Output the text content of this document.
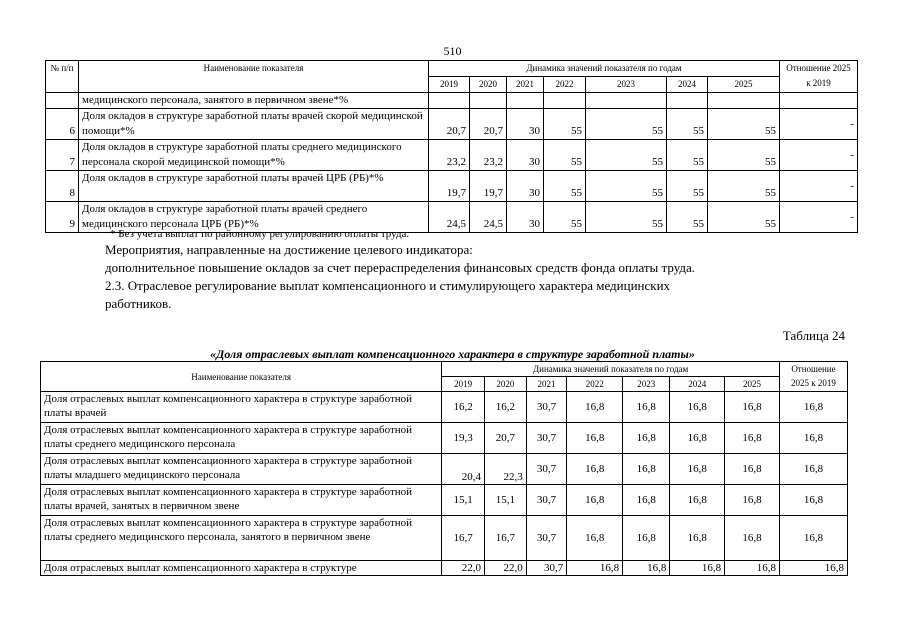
510
№ п/п	Наименование показателя	Динамика значений показателя по годам							Отношение 2025 к 2019
		2019	2020	2021	2022	2023	2024	2025	
	медицинского персонала, занятого в первичном звене*%								
6	Доля окладов в структуре заработной платы врачей скорой медицинской помощи*%	20,7	20,7	30	55	55	55	55	-
7	Доля окладов в структуре заработной платы среднего медицинского персонала скорой медицинской помощи*%	23,2	23,2	30	55	55	55	55	-
8	Доля окладов в структуре заработной платы врачей ЦРБ (РБ)*%	19,7	19,7	30	55	55	55	55	-
9	Доля окладов в структуре заработной платы врачей среднего медицинского персонала ЦРБ (РБ)*%	24,5	24,5	30	55	55	55	55	-
* Без учета выплат по районному регулированию оплаты труда.
Мероприятия, направленные на достижение целевого индикатора:
дополнительное повышение окладов за счет перераспределения финансовых средств фонда оплаты труда.
2.3. Отраслевое регулирование выплат компенсационного и стимулирующего характера медицинских
работников.
Таблица 24
«Доля отраслевых выплат компенсационного характера в структуре заработной платы»
Наименование показателя	Динамика значений показателя по годам							Отношение 2025 к 2019
	2019	2020	2021	2022	2023	2024	2025	
Доля отраслевых выплат компенсационного характера в структуре заработной платы врачей	16,2	16,2	30,7	16,8	16,8	16,8	16,8	16,8
Доля отраслевых выплат компенсационного характера в структуре заработной платы среднего медицинского персонала	19,3	20,7	30,7	16,8	16,8	16,8	16,8	16,8
Доля отраслевых выплат компенсационного характера в структуре заработной платы младшего медицинского персонала	20,4	22,3	30,7	16,8	16,8	16,8	16,8	16,8
Доля отраслевых выплат компенсационного характера в структуре заработной платы врачей, занятых в первичном звене	15,1	15,1	30,7	16,8	16,8	16,8	16,8	16,8
Доля отраслевых выплат компенсационного характера в структуре заработной платы среднего медицинского персонала, занятого в первичном звене	16,7	16,7	30,7	16,8	16,8	16,8	16,8	16,8
Доля отраслевых выплат компенсационного характера в структуре	22,0	22,0	30,7	16,8	16,8	16,8	16,8	16,8
